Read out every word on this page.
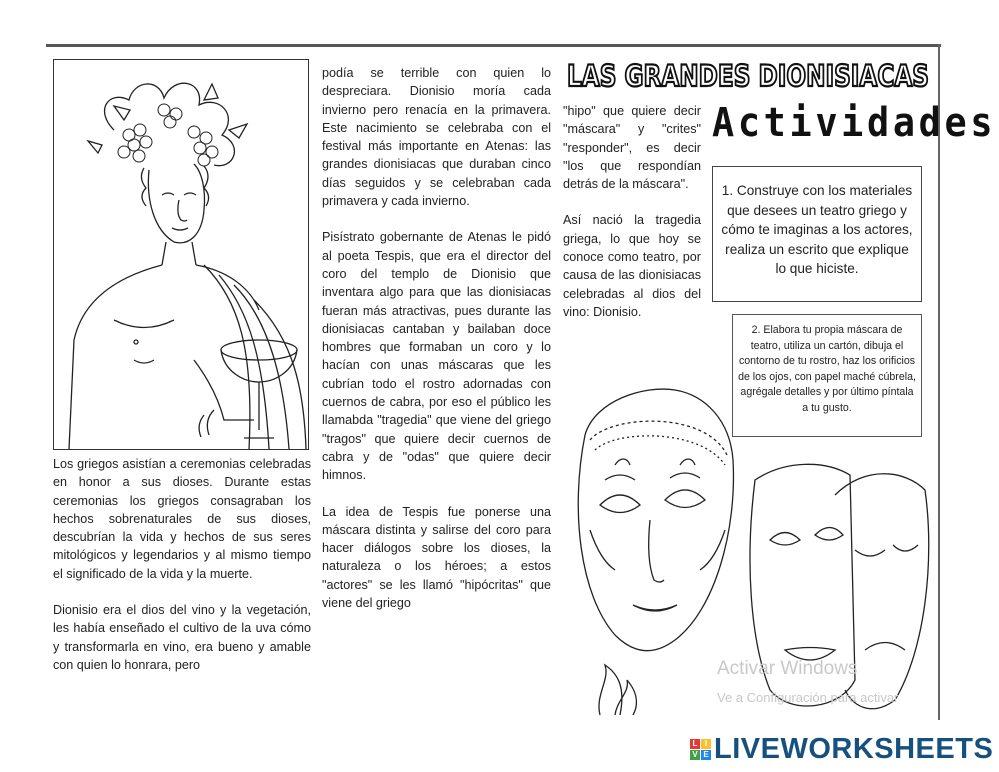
Los griegos asistían a ceremonias celebradas en honor a sus dioses. Durante estas ceremonias los griegos consagraban los hechos sobrenaturales de sus dioses, descubrían la vida y hechos de sus seres mitológicos y legendarios y al mismo tiempo el significado de la vida y la muerte.

Dionisio era el dios del vino y la vegetación, les había enseñado el cultivo de la uva cómo y transformarla en vino, era bueno y amable con quien lo honrara, pero

podía se terrible con quien lo despreciara. Dionisio moría cada invierno pero renacía en la primavera. Este nacimiento se celebraba con el festival más importante en Atenas: las grandes dionisiacas que duraban cinco días seguidos y se celebraban cada primavera y cada invierno.

Pisístrato gobernante de Atenas le pidó al poeta Tespis, que era el director del coro del templo de Dionisio que inventara algo para que las dionisiacas fueran más atractivas, pues durante las dionisiacas cantaban y bailaban doce hombres que formaban un coro y lo hacían con unas máscaras que les cubrían todo el rostro adornadas con cuernos de cabra, por eso el público les llamabda "tragedia" que viene del griego "tragos" que quiere decir cuernos de cabra y de "odas" que quiere decir himnos.

La idea de Tespis fue ponerse una máscara distinta y salirse del coro para hacer diálogos sobre los dioses, la naturaleza o los héroes; a estos "actores" se les llamó "hipócritas" que viene del griego

LAS GRANDES DIONISIACAS

"hipo" que quiere decir "máscara" y "crites" "responder", es decir "los que respondían detrás de la máscara".

Así nació la tragedia griega, lo que hoy se conoce como teatro, por causa de las dionisiacas celebradas al dios del vino: Dionisio.

Actividades
1. Construye con los materiales que desees un teatro griego y cómo te imaginas a los actores, realiza un escrito que explique lo que hiciste.
2. Elabora tu propia máscara de teatro, utiliza un cartón, dibuja el contorno de tu rostro, haz los orificios de los ojos, con papel maché cúbrela, agrégale detalles y por último píntala a tu gusto.
Activar Windows
Ve a Configuración para activar
L I
V E LIVEWORKSHEETS
